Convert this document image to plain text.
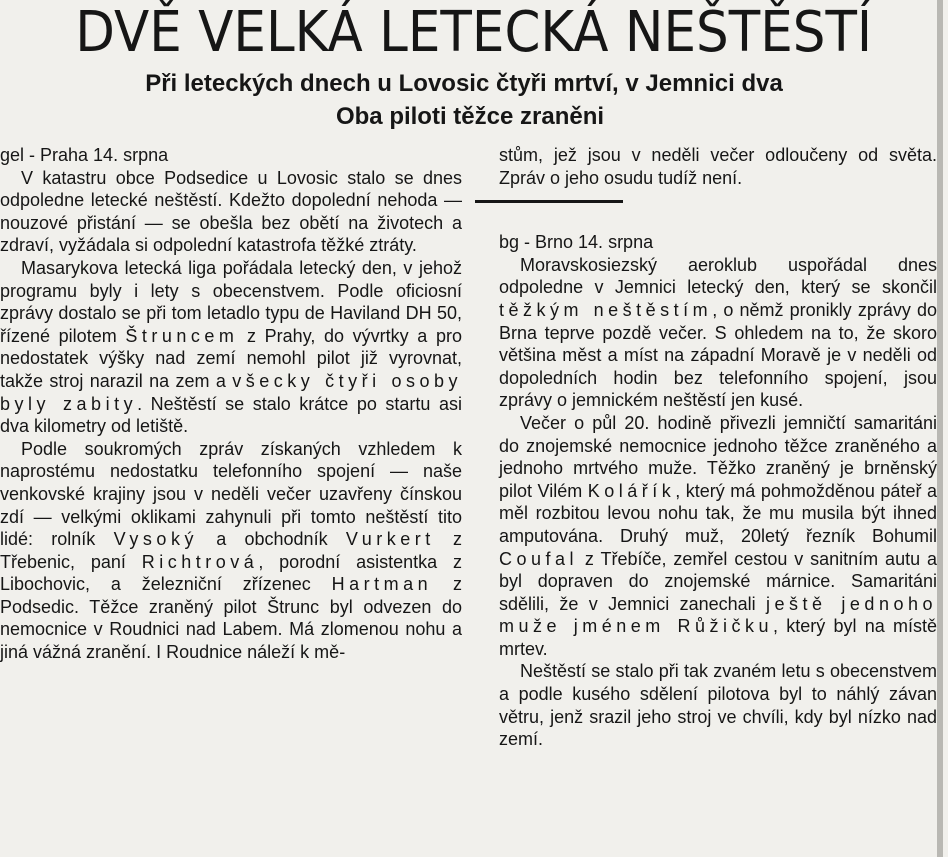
DVĚ VELKÁ LETECKÁ NEŠTĚSTÍ
Při leteckých dnech u Lovosic čtyři mrtví, v Jemnici dva
Oba piloti těžce zraněni

gel - Praha 14. srpna

V katastru obce Podsedice u Lovosic stalo se dnes odpoledne letecké neštěstí. Kdežto dopolední nehoda — nouzové přistání — se obešla bez obětí na životech a zdraví, vyžádala si odpolední katastrofa těžké ztráty.

Masarykova letecká liga pořádala letecký den, v jehož programu byly i lety s obecenstvem. Podle oficiosní zprávy dostalo se při tom letadlo typu de Haviland DH 50, řízené pilotem Štruncem z Prahy, do vývrtky a pro nedostatek výšky nad zemí nemohl pilot již vyrovnat, takže stroj narazil na zem a všecky čtyři osoby byly zabity. Neštěstí se stalo krátce po startu asi dva kilometry od letiště.

Podle soukromých zpráv získaných vzhledem k naprostému nedostatku telefonního spojení — naše venkovské krajiny jsou v neděli večer uzavřeny čínskou zdí — velkými oklikami zahynuli při tomto neštěstí tito lidé: rolník Vysoký a obchodník Vurkert z Třebenic, paní Richtrová, porodní asistentka z Libochovic, a železniční zřízenec Hartman z Podsedic. Těžce zraněný pilot Štrunc byl odvezen do nemocnice v Roudnici nad Labem. Má zlomenou nohu a jiná vážná zranění. I Roudnice náleží k mě-

stům, jež jsou v neděli večer odloučeny od světa. Zpráv o jeho osudu tudíž není.

bg - Brno 14. srpna

Moravskosiezský aeroklub uspořádal dnes odpoledne v Jemnici letecký den, který se skončil těžkým neštěstím, o němž pronikly zprávy do Brna teprve pozdě večer. S ohledem na to, že skoro většina měst a míst na západní Moravě je v neděli od dopoledních hodin bez telefonního spojení, jsou zprávy o jemnickém neštěstí jen kusé.

Večer o půl 20. hodině přivezli jemničtí samaritáni do znojemské nemocnice jednoho těžce zraněného a jednoho mrtvého muže. Těžko zraněný je brněnský pilot Vilém Kolářík, který má pohmožděnou páteř a měl rozbitou levou nohu tak, že mu musila být ihned amputována. Druhý muž, 20letý řezník Bohumil Coufal z Třebíče, zemřel cestou v sanitním autu a byl dopraven do znojemské márnice. Samaritáni sdělili, že v Jemnici zanechali ještě jednoho muže jménem Růžičku, který byl na místě mrtev.

Neštěstí se stalo při tak zvaném letu s obecenstvem a podle kusého sdělení pilotova byl to náhlý závan větru, jenž srazil jeho stroj ve chvíli, kdy byl nízko nad zemí.
